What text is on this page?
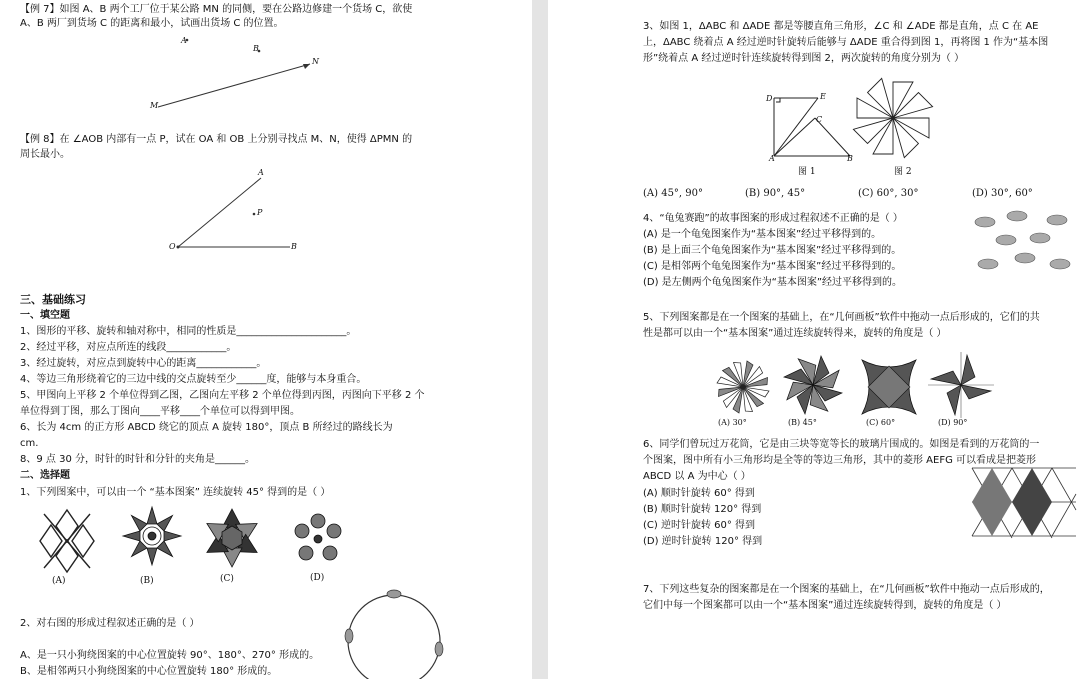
【例 7】如图 A、B 两个工厂位于某公路 MN 的同侧，要在公路边修建一个货场 C，欲使
A、B 两厂到货场 C 的距离和最小，试画出货场 C 的位置。
A
B
M
N
【例 8】在 ∠AOB 内部有一点 P，试在 OA 和 OB 上分别寻找点 M、N，使得 ΔPMN 的
周长最小。
A
P
O	B
三、基础练习
一、填空题
1、图形的平移、旋转和轴对称中，相同的性质是______________________。
2、经过平移，对应点所连的线段____________。
3、经过旋转，对应点到旋转中心的距离____________。
4、等边三角形绕着它的三边中线的交点旋转至少______度，能够与本身重合。
5、甲图向上平移 2 个单位得到乙图，乙图向左平移 2 个单位得到丙图，丙图向下平移 2 个
单位得到丁图，那么丁图向____平移____个单位可以得到甲图。
6、长为 4cm 的正方形 ABCD 绕它的顶点 A 旋转 180°，顶点 B 所经过的路线长为
cm.
8、9 点 30 分，时针的时针和分针的夹角是______。
二、选择题
1、下列图案中，可以由一个 “基本图案” 连续旋转 45° 得到的是（ ）
(A)	(B)	(C)	(D)
2、对右图的形成过程叙述正确的是（ ）
A、是一只小狗绕图案的中心位置旋转 90°、180°、270° 形成的。
B、是相邻两只小狗绕图案的中心位置旋转 180° 形成的。
3、如图 1，ΔABC 和 ΔADE 都是等腰直角三角形，∠C 和 ∠ADE 都是直角，点 C 在 AE
上，ΔABC 绕着点 A 经过逆时针旋转后能够与 ΔADE 重合得到图 1，再将图 1 作为“基本图
形”绕着点 A 经过逆时针连续旋转得到图 2，两次旋转的角度分别为（ ）
D	E
C
A	B
图 1	图 2
(A) 45°, 90°	(B) 90°, 45°	(C) 60°, 30°	(D) 30°, 60°
4、“龟兔赛跑”的故事图案的形成过程叙述不正确的是（ ）
(A) 是一个龟兔图案作为“基本图案”经过平移得到的。
(B) 是上面三个龟兔图案作为“基本图案”经过平移得到的。
(C) 是相邻两个龟兔图案作为“基本图案”经过平移得到的。
(D) 是左侧两个龟兔图案作为“基本图案”经过平移得到的。
5、下列图案都是在一个图案的基础上，在“几何画板”软件中拖动一点后形成的，它们的共
性是都可以由一个“基本图案”通过连续旋转得来，旋转的角度是（ ）
(A) 30°	(B) 45°	(C) 60°	(D) 90°
6、同学们曾玩过万花筒，它是由三块等宽等长的玻璃片围成的。如图是看到的万花筒的一
个图案，图中所有小三角形均是全等的等边三角形，其中的菱形 AEFG 可以看成是把菱形
ABCD 以 A 为中心（ ）
(A) 顺时针旋转 60° 得到
(B) 顺时针旋转 120° 得到
(C) 逆时针旋转 60° 得到
(D) 逆时针旋转 120° 得到
7、下列这些复杂的图案都是在一个图案的基础上，在“几何画板”软件中拖动一点后形成的，
它们中每一个图案都可以由一个“基本图案”通过连续旋转得到，旋转的角度是（ ）
